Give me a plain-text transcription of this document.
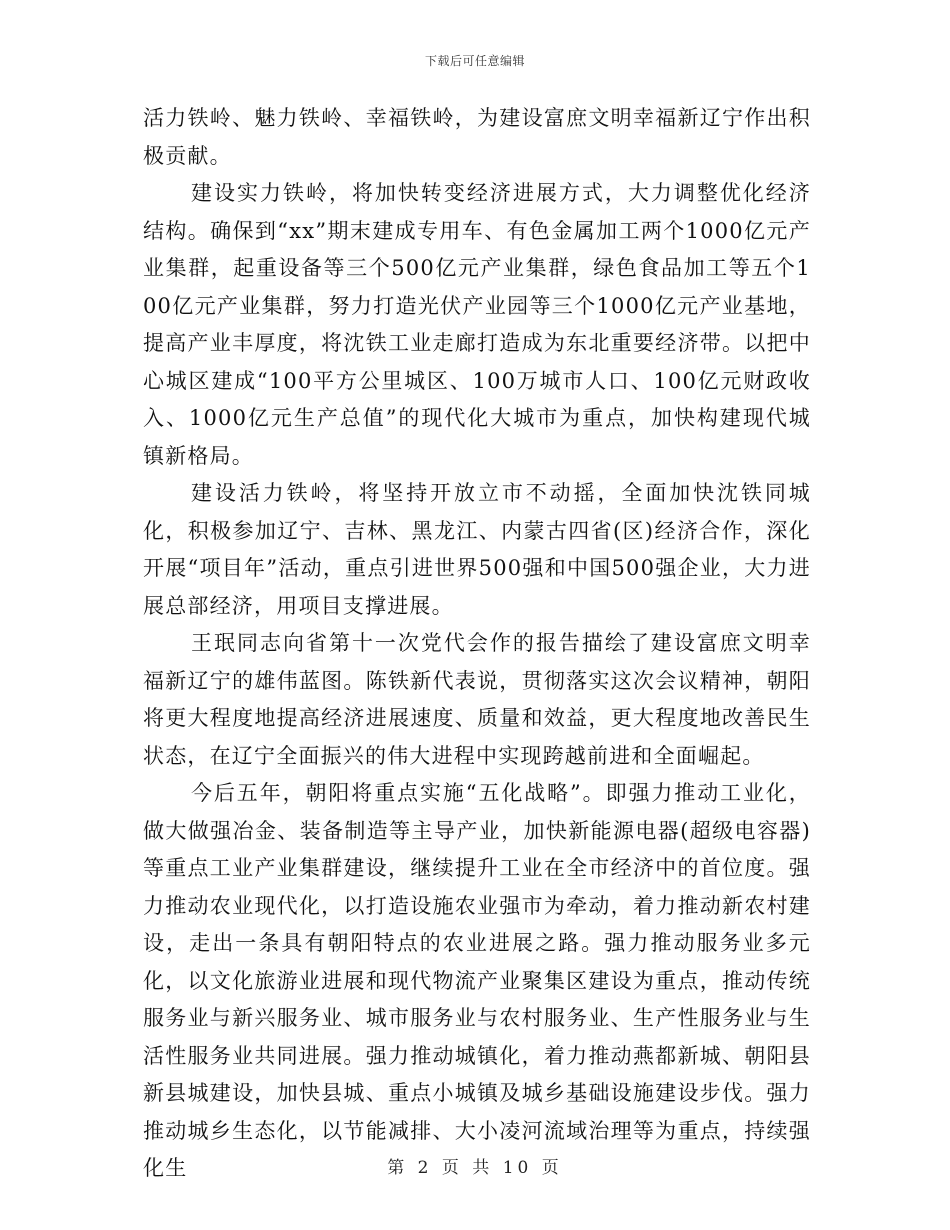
下载后可任意编辑

活力铁岭、魅力铁岭、幸福铁岭，为建设富庶文明幸福新辽宁作出积极贡献。

建设实力铁岭，将加快转变经济进展方式，大力调整优化经济结构。确保到“xx”期末建成专用车、有色金属加工两个1000亿元产业集群，起重设备等三个500亿元产业集群，绿色食品加工等五个100亿元产业集群，努力打造光伏产业园等三个1000亿元产业基地，提高产业丰厚度，将沈铁工业走廊打造成为东北重要经济带。以把中心城区建成“100平方公里城区、100万城市人口、100亿元财政收入、1000亿元生产总值”的现代化大城市为重点，加快构建现代城镇新格局。

建设活力铁岭，将坚持开放立市不动摇，全面加快沈铁同城化，积极参加辽宁、吉林、黑龙江、内蒙古四省(区)经济合作，深化开展“项目年”活动，重点引进世界500强和中国500强企业，大力进展总部经济，用项目支撑进展。

王珉同志向省第十一次党代会作的报告描绘了建设富庶文明幸福新辽宁的雄伟蓝图。陈铁新代表说，贯彻落实这次会议精神，朝阳将更大程度地提高经济进展速度、质量和效益，更大程度地改善民生状态，在辽宁全面振兴的伟大进程中实现跨越前进和全面崛起。

今后五年，朝阳将重点实施“五化战略”。即强力推动工业化，做大做强冶金、装备制造等主导产业，加快新能源电器(超级电容器)等重点工业产业集群建设，继续提升工业在全市经济中的首位度。强力推动农业现代化，以打造设施农业强市为牵动，着力推动新农村建设，走出一条具有朝阳特点的农业进展之路。强力推动服务业多元化，以文化旅游业进展和现代物流产业聚集区建设为重点，推动传统服务业与新兴服务业、城市服务业与农村服务业、生产性服务业与生活性服务业共同进展。强力推动城镇化，着力推动燕都新城、朝阳县新县城建设，加快县城、重点小城镇及城乡基础设施建设步伐。强力推动城乡生态化，以节能减排、大小凌河流域治理等为重点，持续强化生	第 2 页 共 10 页
